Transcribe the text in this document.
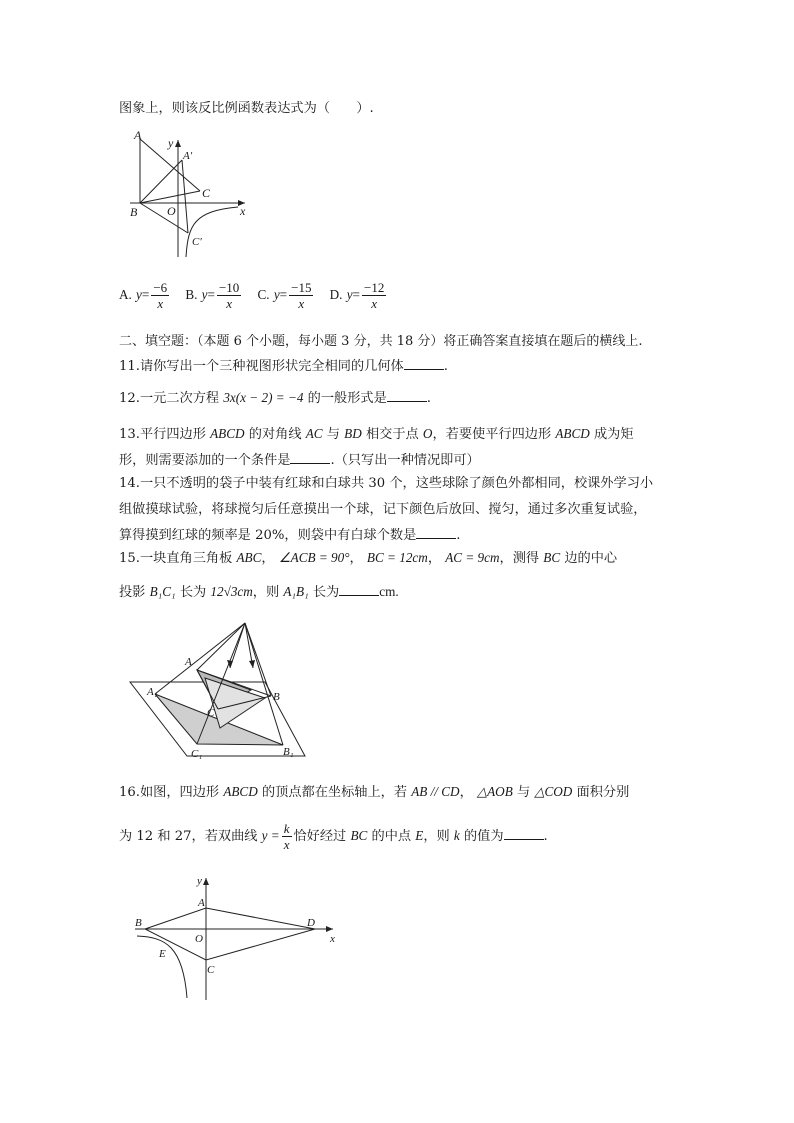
图象上，则该反比例函数表达式为（　　）.
A
y
A′
C
B O	x
C′
A. $y= \frac{-6}{x} B$. $y= \frac{-10}{x} C$. $y= \frac{-15}{x} D$. $y= \frac{-12}{x}$
二、填空题：（本题 6 个小题，每小题 3 分，共 18 分）将正确答案直接填在题后的横线上.
11.请你写出一个三种视图形状完全相同的几何体	.
12.一元二次方程 3x(x − 2) = −4 的一般形式是	.
13.平行四边形 ABCD 的对角线 AC 与 BD 相交于点 O，若要使平行四边形 ABCD 成为矩
形，则需要添加的一个条件是	.（只写出一种情况即可）
14.一只不透明的袋子中装有红球和白球共 30 个，这些球除了颜色外都相同，校课外学习小
组做摸球试验，将球搅匀后任意摸出一个球，记下颜色后放回、搅匀，通过多次重复试验，
算得摸到红球的频率是 20%，则袋中有白球个数是	.
15.一块直角三角板 ABC， ∠ACB = 90°， BC = 12cm， AC = 9cm，测得 BC 边的中心
投影 B₁C₁ 长为 12√3cm，则 A₁B₁ 长为	cm.
A
A₁	B
C
C₁	B₁
16.如图，四边形 ABCD 的顶点都在坐标轴上，若 AB // CD， △AOB 与 △COD 面积分别
为 12 和 27，若双曲线 $y = \frac{k}{x}$ 恰好经过 BC 的中点 E，则 k 的值为	.
y
A
B
O
D
x
E
C
